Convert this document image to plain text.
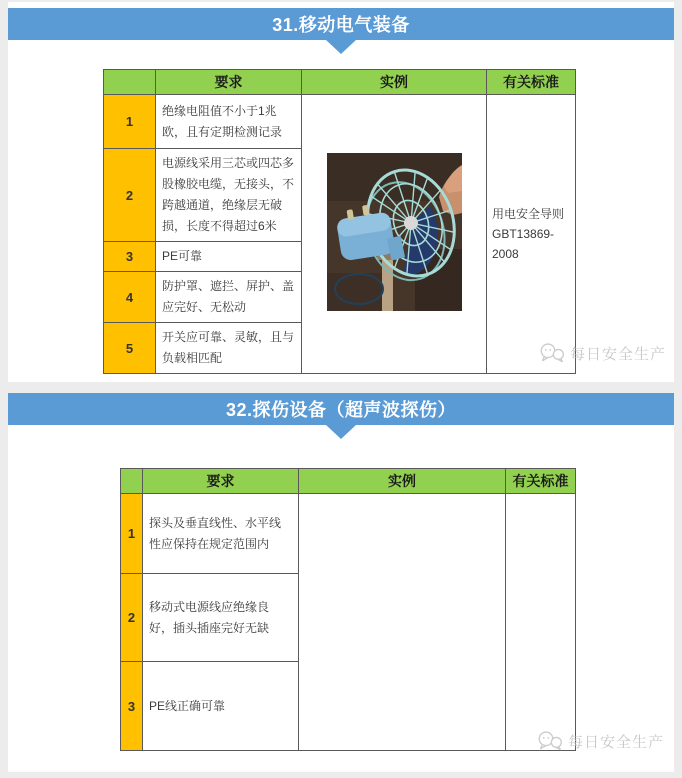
31.移动电气装备
	要求	实例	有关标准
1	绝缘电阻值不小于1兆欧，且有定期检测记录		用电安全导则
GBT13869-
2008

2	电源线采用三芯或四芯多股橡胶电缆，无接头，不跨越通道，绝缘层无破损，长度不得超过6米		
3	PE可靠		
4	防护罩、遮拦、屏护、盖应完好、无松动		
5	开关应可靠、灵敏，且与负载相匹配			每日安全生产
32.探伤设备（超声波探伤）
	要求	实例	有关标准
1	探头及垂直线性、水平线性应保持在规定范围内		
2	移动式电源线应绝缘良好，插头插座完好无缺		
3	PE线正确可靠		
每日安全生产
